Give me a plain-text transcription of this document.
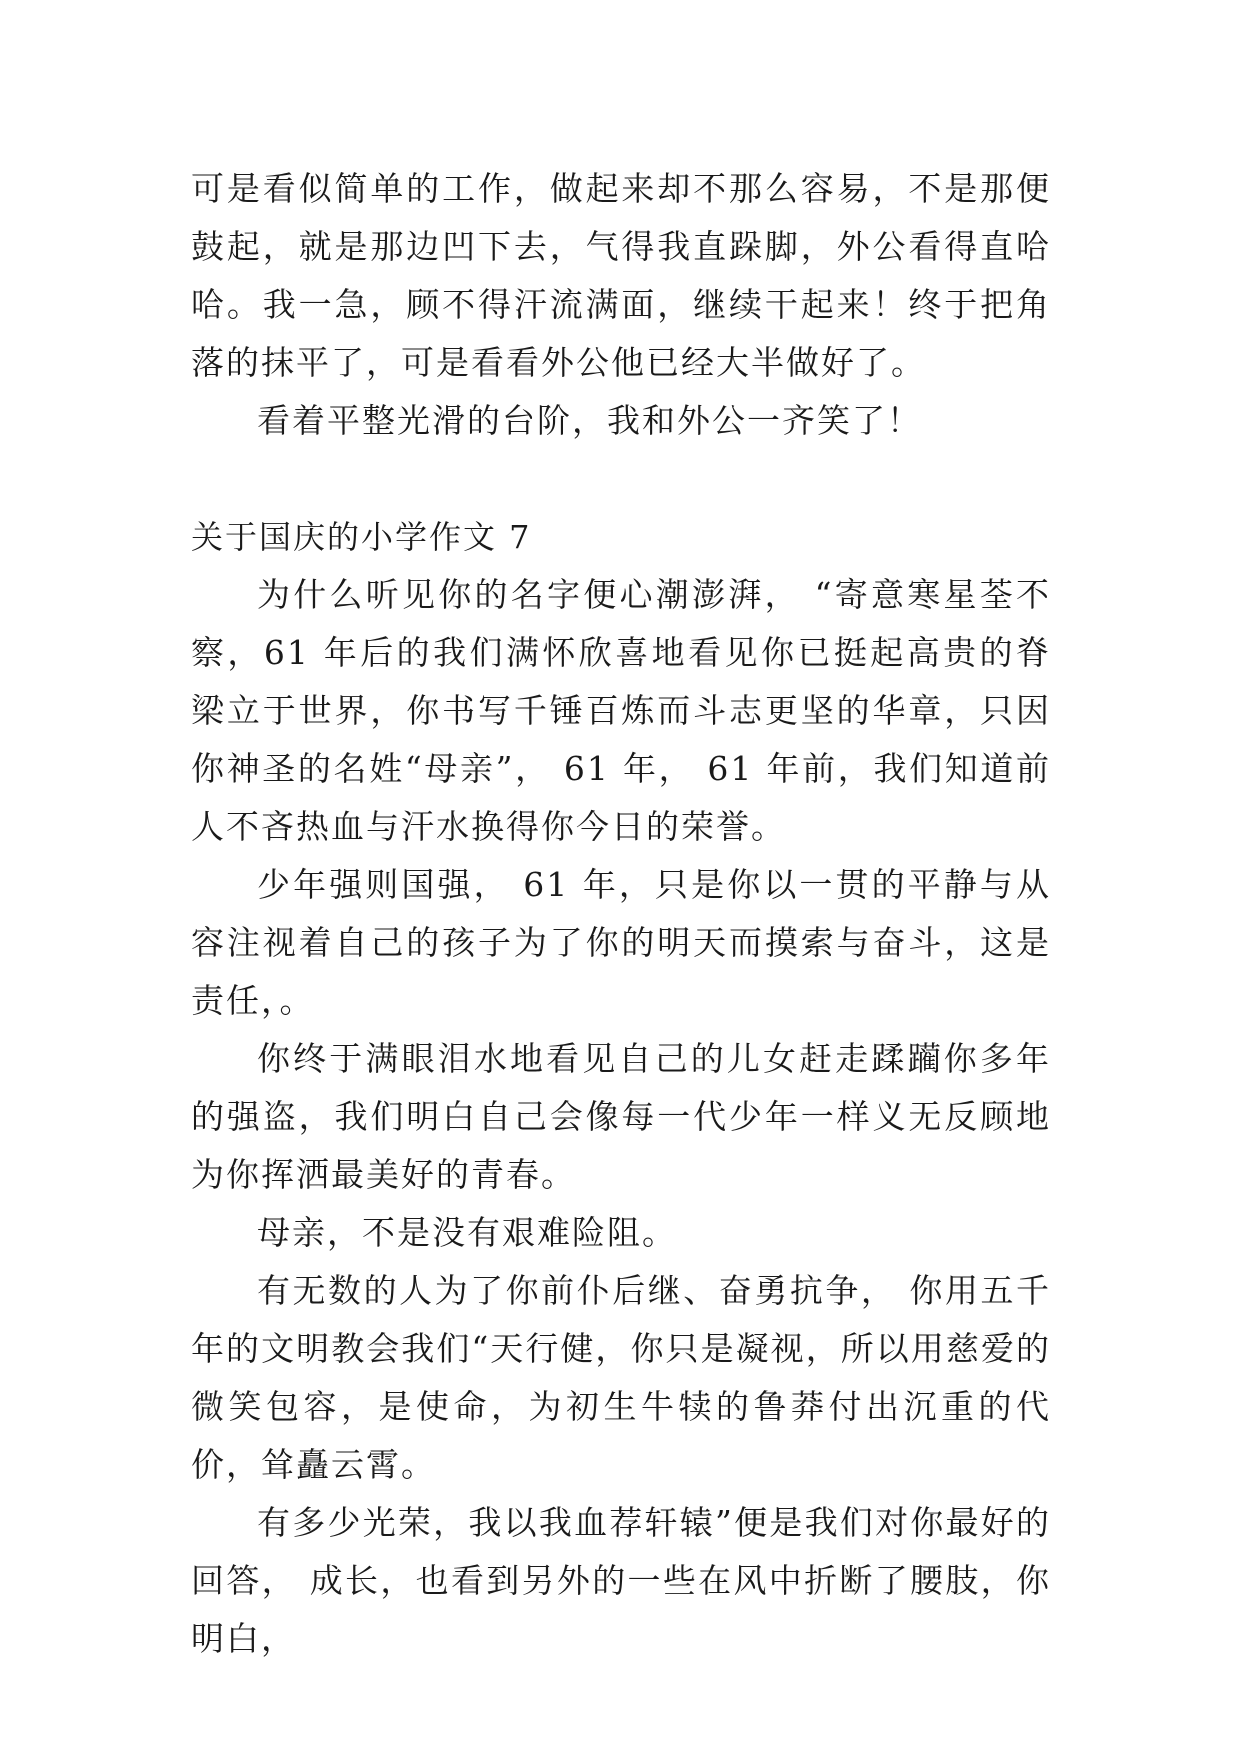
可是看似简单的工作，做起来却不那么容易，不是那便鼓起，就是那边凹下去，气得我直跺脚，外公看得直哈哈。我一急，顾不得汗流满面，继续干起来！终于把角落的抹平了，可是看看外公他已经大半做好了。

看着平整光滑的台阶，我和外公一齐笑了！

关于国庆的小学作文 7

为什么听见你的名字便心潮澎湃， “寄意寒星荃不察，61 年后的我们满怀欣喜地看见你已挺起高贵的脊梁立于世界，你书写千锤百炼而斗志更坚的华章，只因你神圣的名姓“母亲”， 61 年， 61 年前，我们知道前人不吝热血与汗水换得你今日的荣誉。

少年强则国强， 61 年，只是你以一贯的平静与从容注视着自己的孩子为了你的明天而摸索与奋斗，这是责任，。

你终于满眼泪水地看见自己的儿女赶走蹂躏你多年的强盗，我们明白自己会像每一代少年一样义无反顾地为你挥洒最美好的青春。

母亲，不是没有艰难险阻。

有无数的人为了你前仆后继、奋勇抗争， 你用五千年的文明教会我们“天行健，你只是凝视，所以用慈爱的微笑包容，是使命，为初生牛犊的鲁莽付出沉重的代价，耸矗云霄。

有多少光荣，我以我血荐轩辕”便是我们对你最好的回答， 成长，也看到另外的一些在风中折断了腰肢，你明白，
